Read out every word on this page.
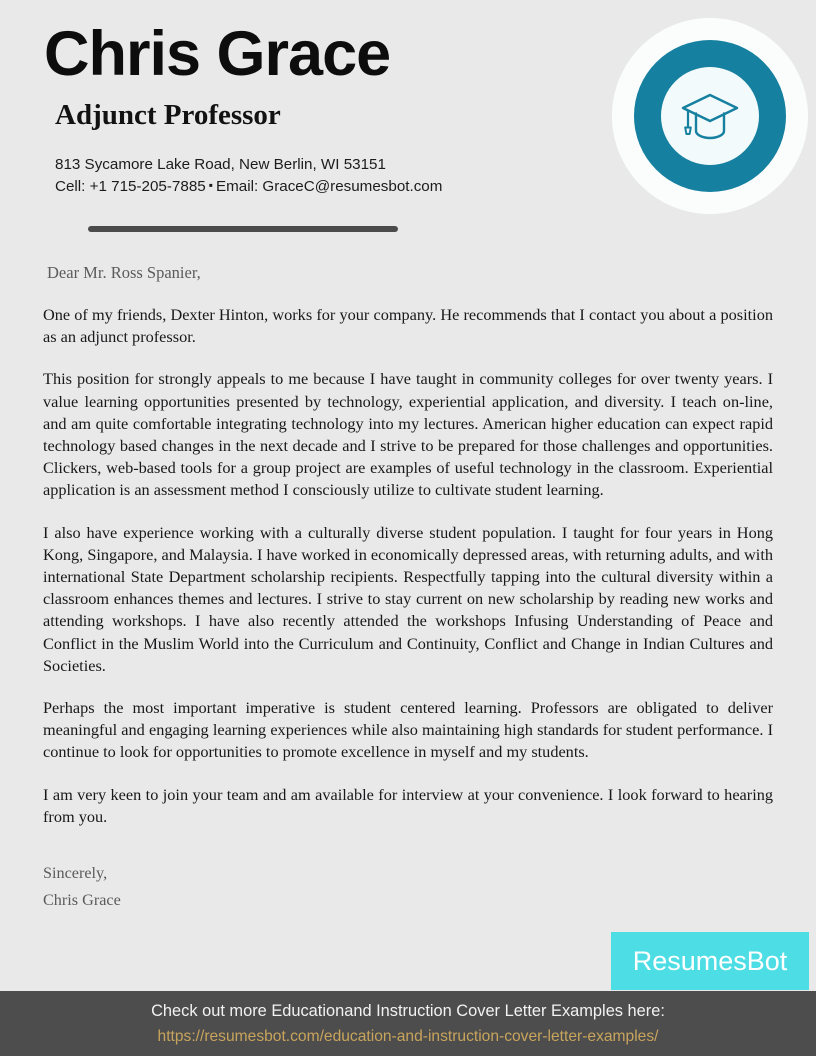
Chris Grace
Adjunct Professor
813 Sycamore Lake Road, New Berlin, WI 53151
Cell: +1 715-205-7885 ▪ Email: GraceC@resumesbot.com
Dear Mr. Ross Spanier,

One of my friends, Dexter Hinton, works for your company. He recommends that I contact you about a position as an adjunct professor.

This position for strongly appeals to me because I have taught in community colleges for over twenty years. I value learning opportunities presented by technology, experiential application, and diversity. I teach on-line, and am quite comfortable integrating technology into my lectures. American higher education can expect rapid technology based changes in the next decade and I strive to be prepared for those challenges and opportunities. Clickers, web-based tools for a group project are examples of useful technology in the classroom. Experiential application is an assessment method I consciously utilize to cultivate student learning.

I also have experience working with a culturally diverse student population. I taught for four years in Hong Kong, Singapore, and Malaysia. I have worked in economically depressed areas, with returning adults, and with international State Department scholarship recipients. Respectfully tapping into the cultural diversity within a classroom enhances themes and lectures. I strive to stay current on new scholarship by reading new works and attending workshops. I have also recently attended the workshops Infusing Understanding of Peace and Conflict in the Muslim World into the Curriculum and Continuity, Conflict and Change in Indian Cultures and Societies.

Perhaps the most important imperative is student centered learning. Professors are obligated to deliver meaningful and engaging learning experiences while also maintaining high standards for student performance. I continue to look for opportunities to promote excellence in myself and my students.

I am very keen to join your team and am available for interview at your convenience. I look forward to hearing from you.

Sincerely,
Chris Grace
ResumesBot
Check out more Educationand Instruction Cover Letter Examples here:
https://resumesbot.com/education-and-instruction-cover-letter-examples/
